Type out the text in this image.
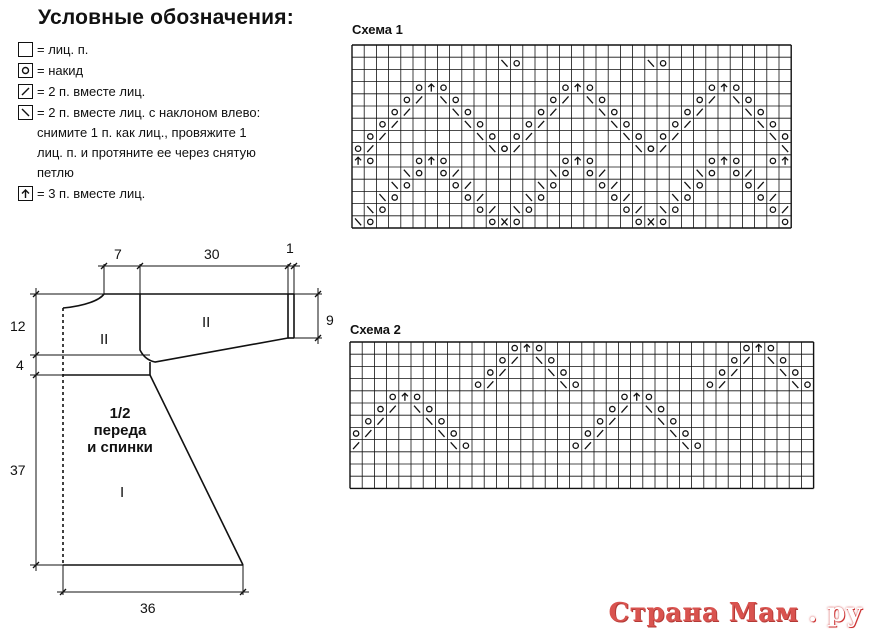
Условные обозначения:
= лиц. п.
= накид
= 2 п. вместе лиц.
= 2 п. вместе лиц. с наклоном влево:
снимите 1 п. как лиц., провяжите 1
лиц. п. и протяните ее через снятую
петлю
= 3 п. вместе лиц.
Схема 1
Схема 2
7	30	1
12	9
4
37
36
II
II
I
1/2
переда
и спинки
Страна Мам . ру
